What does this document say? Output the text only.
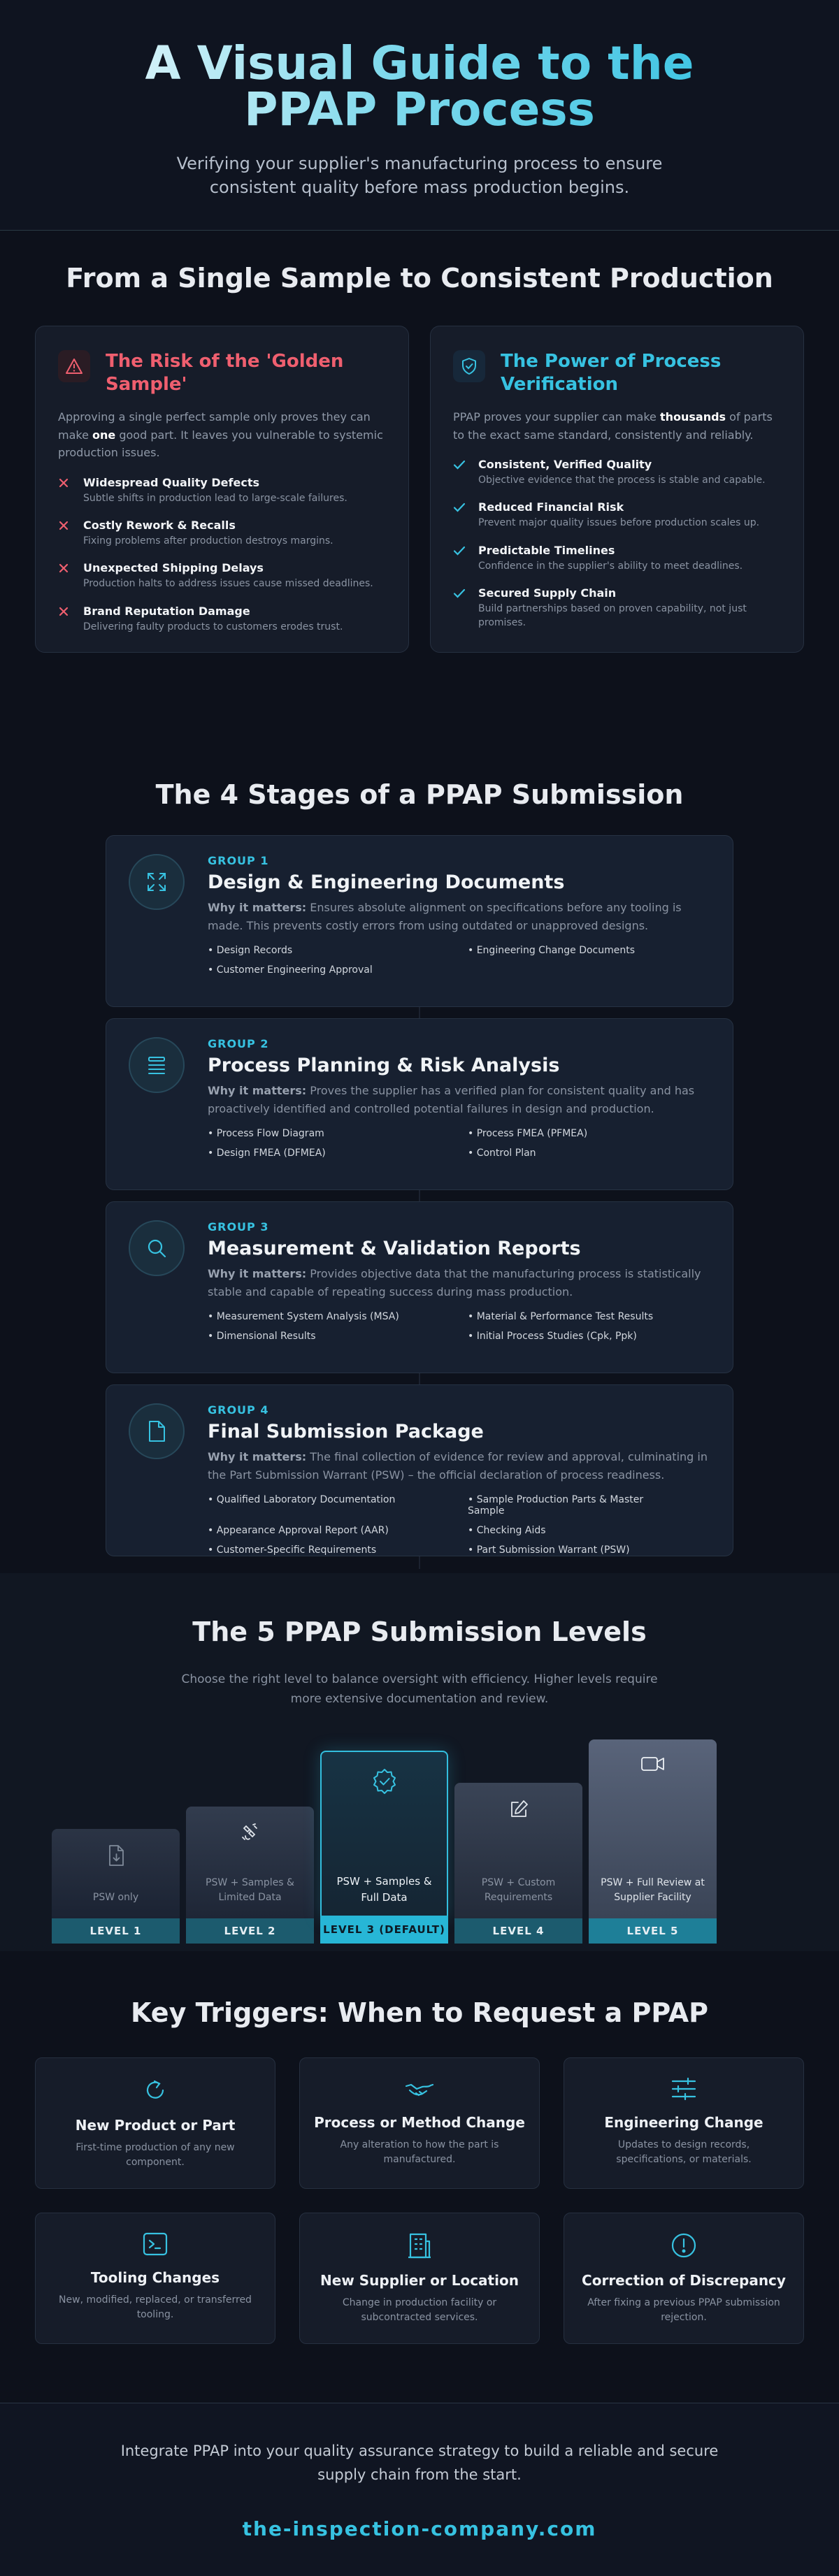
A Visual Guide to the PPAP Process

Verifying your supplier's manufacturing process to ensure consistent quality before mass production begins.

From a Single Sample to Consistent Production
The Risk of the 'Golden Sample'

Approving a single perfect sample only proves they can make one good part. It leaves you vulnerable to systemic production issues.

Widespread Quality Defects
Subtle shifts in production lead to large-scale failures.
Costly Rework & Recalls
Fixing problems after production destroys margins.
Unexpected Shipping Delays
Production halts to address issues cause missed deadlines.
Brand Reputation Damage
Delivering faulty products to customers erodes trust.
The Power of Process Verification

PPAP proves your supplier can make thousands of parts to the exact same standard, consistently and reliably.

Consistent, Verified Quality
Objective evidence that the process is stable and capable.
Reduced Financial Risk
Prevent major quality issues before production scales up.
Predictable Timelines
Confidence in the supplier's ability to meet deadlines.
Secured Supply Chain
Build partnerships based on proven capability, not just promises.
The 4 Stages of a PPAP Submission
GROUP 1
Design & Engineering Documents

Why it matters: Ensures absolute alignment on specifications before any tooling is made. This prevents costly errors from using outdated or unapproved designs.

• Design Records	• Engineering Change Documents
• Customer Engineering Approval
GROUP 2
Process Planning & Risk Analysis

Why it matters: Proves the supplier has a verified plan for consistent quality and has proactively identified and controlled potential failures in design and production.

• Process Flow Diagram	• Process FMEA (PFMEA)
• Design FMEA (DFMEA)	• Control Plan
GROUP 3
Measurement & Validation Reports

Why it matters: Provides objective data that the manufacturing process is statistically stable and capable of repeating success during mass production.

• Measurement System Analysis (MSA)	• Material & Performance Test Results
• Dimensional Results	• Initial Process Studies (Cpk, Ppk)
GROUP 4
Final Submission Package

Why it matters: The final collection of evidence for review and approval, culminating in the Part Submission Warrant (PSW) – the official declaration of process readiness.

• Qualified Laboratory Documentation	• Sample Production Parts & Master Sample
• Appearance Approval Report (AAR)	• Checking Aids
• Customer-Specific Requirements	• Part Submission Warrant (PSW)
The 5 PPAP Submission Levels

Choose the right level to balance oversight with efficiency. Higher levels require more extensive documentation and review.

PSW only
LEVEL 1
PSW + Samples & Limited Data
LEVEL 2
PSW + Samples & Full Data
LEVEL 3 (DEFAULT)
PSW + Custom Requirements
LEVEL 4
PSW + Full Review at Supplier Facility
LEVEL 5
Key Triggers: When to Request a PPAP
New Product or Part

First-time production of any new component.

Process or Method Change

Any alteration to how the part is manufactured.

Engineering Change

Updates to design records, specifications, or materials.

Tooling Changes

New, modified, replaced, or transferred tooling.

New Supplier or Location

Change in production facility or subcontracted services.

Correction of Discrepancy

After fixing a previous PPAP submission rejection.

Integrate PPAP into your quality assurance strategy to build a reliable and secure supply chain from the start.

the-inspection-company.com
